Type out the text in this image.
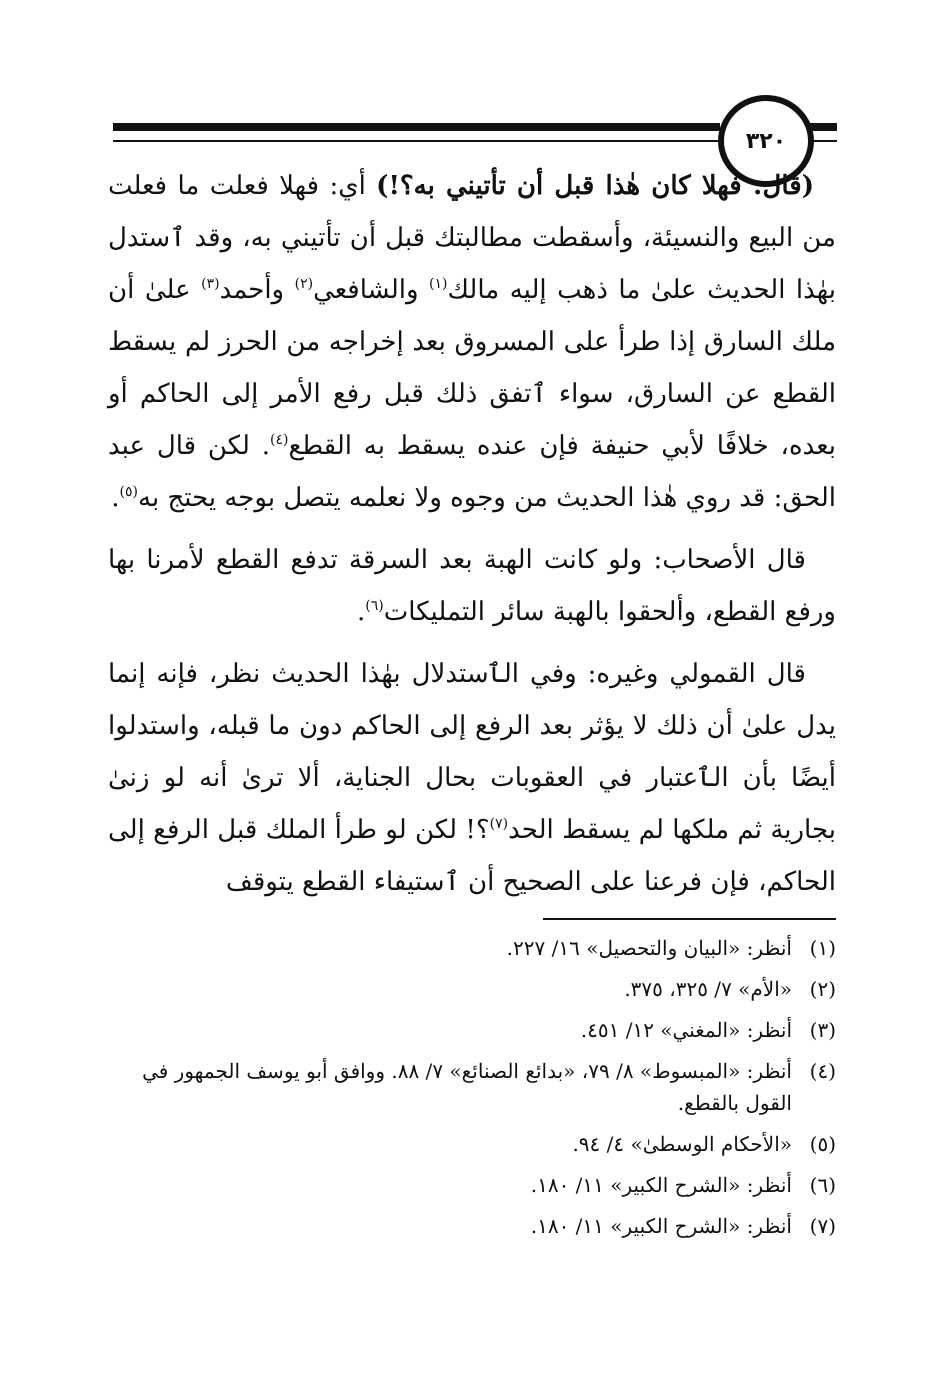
٣٢٠

(قال: فهلا كان هٰذا قبل أن تأتيني به؟!) أي: فهلا فعلت ما فعلت من البيع والنسيئة، وأسقطت مطالبتك قبل أن تأتيني به، وقد ٱستدل بهٰذا الحديث علىٰ ما ذهب إليه مالك$^{(١)}$ والشافعي$^{(٢)}$ وأحمد$^{(٣)}$ علىٰ أن ملك السارق إذا طرأ على المسروق بعد إخراجه من الحرز لم يسقط القطع عن السارق، سواء ٱتفق ذلك قبل رفع الأمر إلى الحاكم أو بعده، خلافًا لأبي حنيفة فإن عنده يسقط به القطع$^{(٤)}$. لكن قال عبد الحق: قد روي هٰذا الحديث من وجوه ولا نعلمه يتصل بوجه يحتج به$^{(٥)}$.

قال الأصحاب: ولو كانت الهبة بعد السرقة تدفع القطع لأمرنا بها ورفع القطع، وألحقوا بالهبة سائر التمليكات$^{(٦)}$.

قال القمولي وغيره: وفي الٱستدلال بهٰذا الحديث نظر، فإنه إنما يدل علىٰ أن ذلك لا يؤثر بعد الرفع إلى الحاكم دون ما قبله، واستدلوا أيضًا بأن الٱعتبار في العقوبات بحال الجناية، ألا ترىٰ أنه لو زنىٰ بجارية ثم ملكها لم يسقط الحد$^{(٧)}$؟! لكن لو طرأ الملك قبل الرفع إلى الحاكم، فإن فرعنا على الصحيح أن ٱستيفاء القطع يتوقف

(١)
أنظر: «البيان والتحصيل» ١٦/ ٢٢٧.
(٢)
«الأم» ٧/ ٣٢٥، ٣٧٥.
(٣)
أنظر: «المغني» ١٢/ ٤٥١.
(٤)
أنظر: «المبسوط» ٨/ ٧٩، «بدائع الصنائع» ٧/ ٨٨. ووافق أبو يوسف الجمهور في القول بالقطع.
(٥)
«الأحكام الوسطىٰ» ٤/ ٩٤.
(٦)
أنظر: «الشرح الكبير» ١١/ ١٨٠.
(٧)
أنظر: «الشرح الكبير» ١١/ ١٨٠.
